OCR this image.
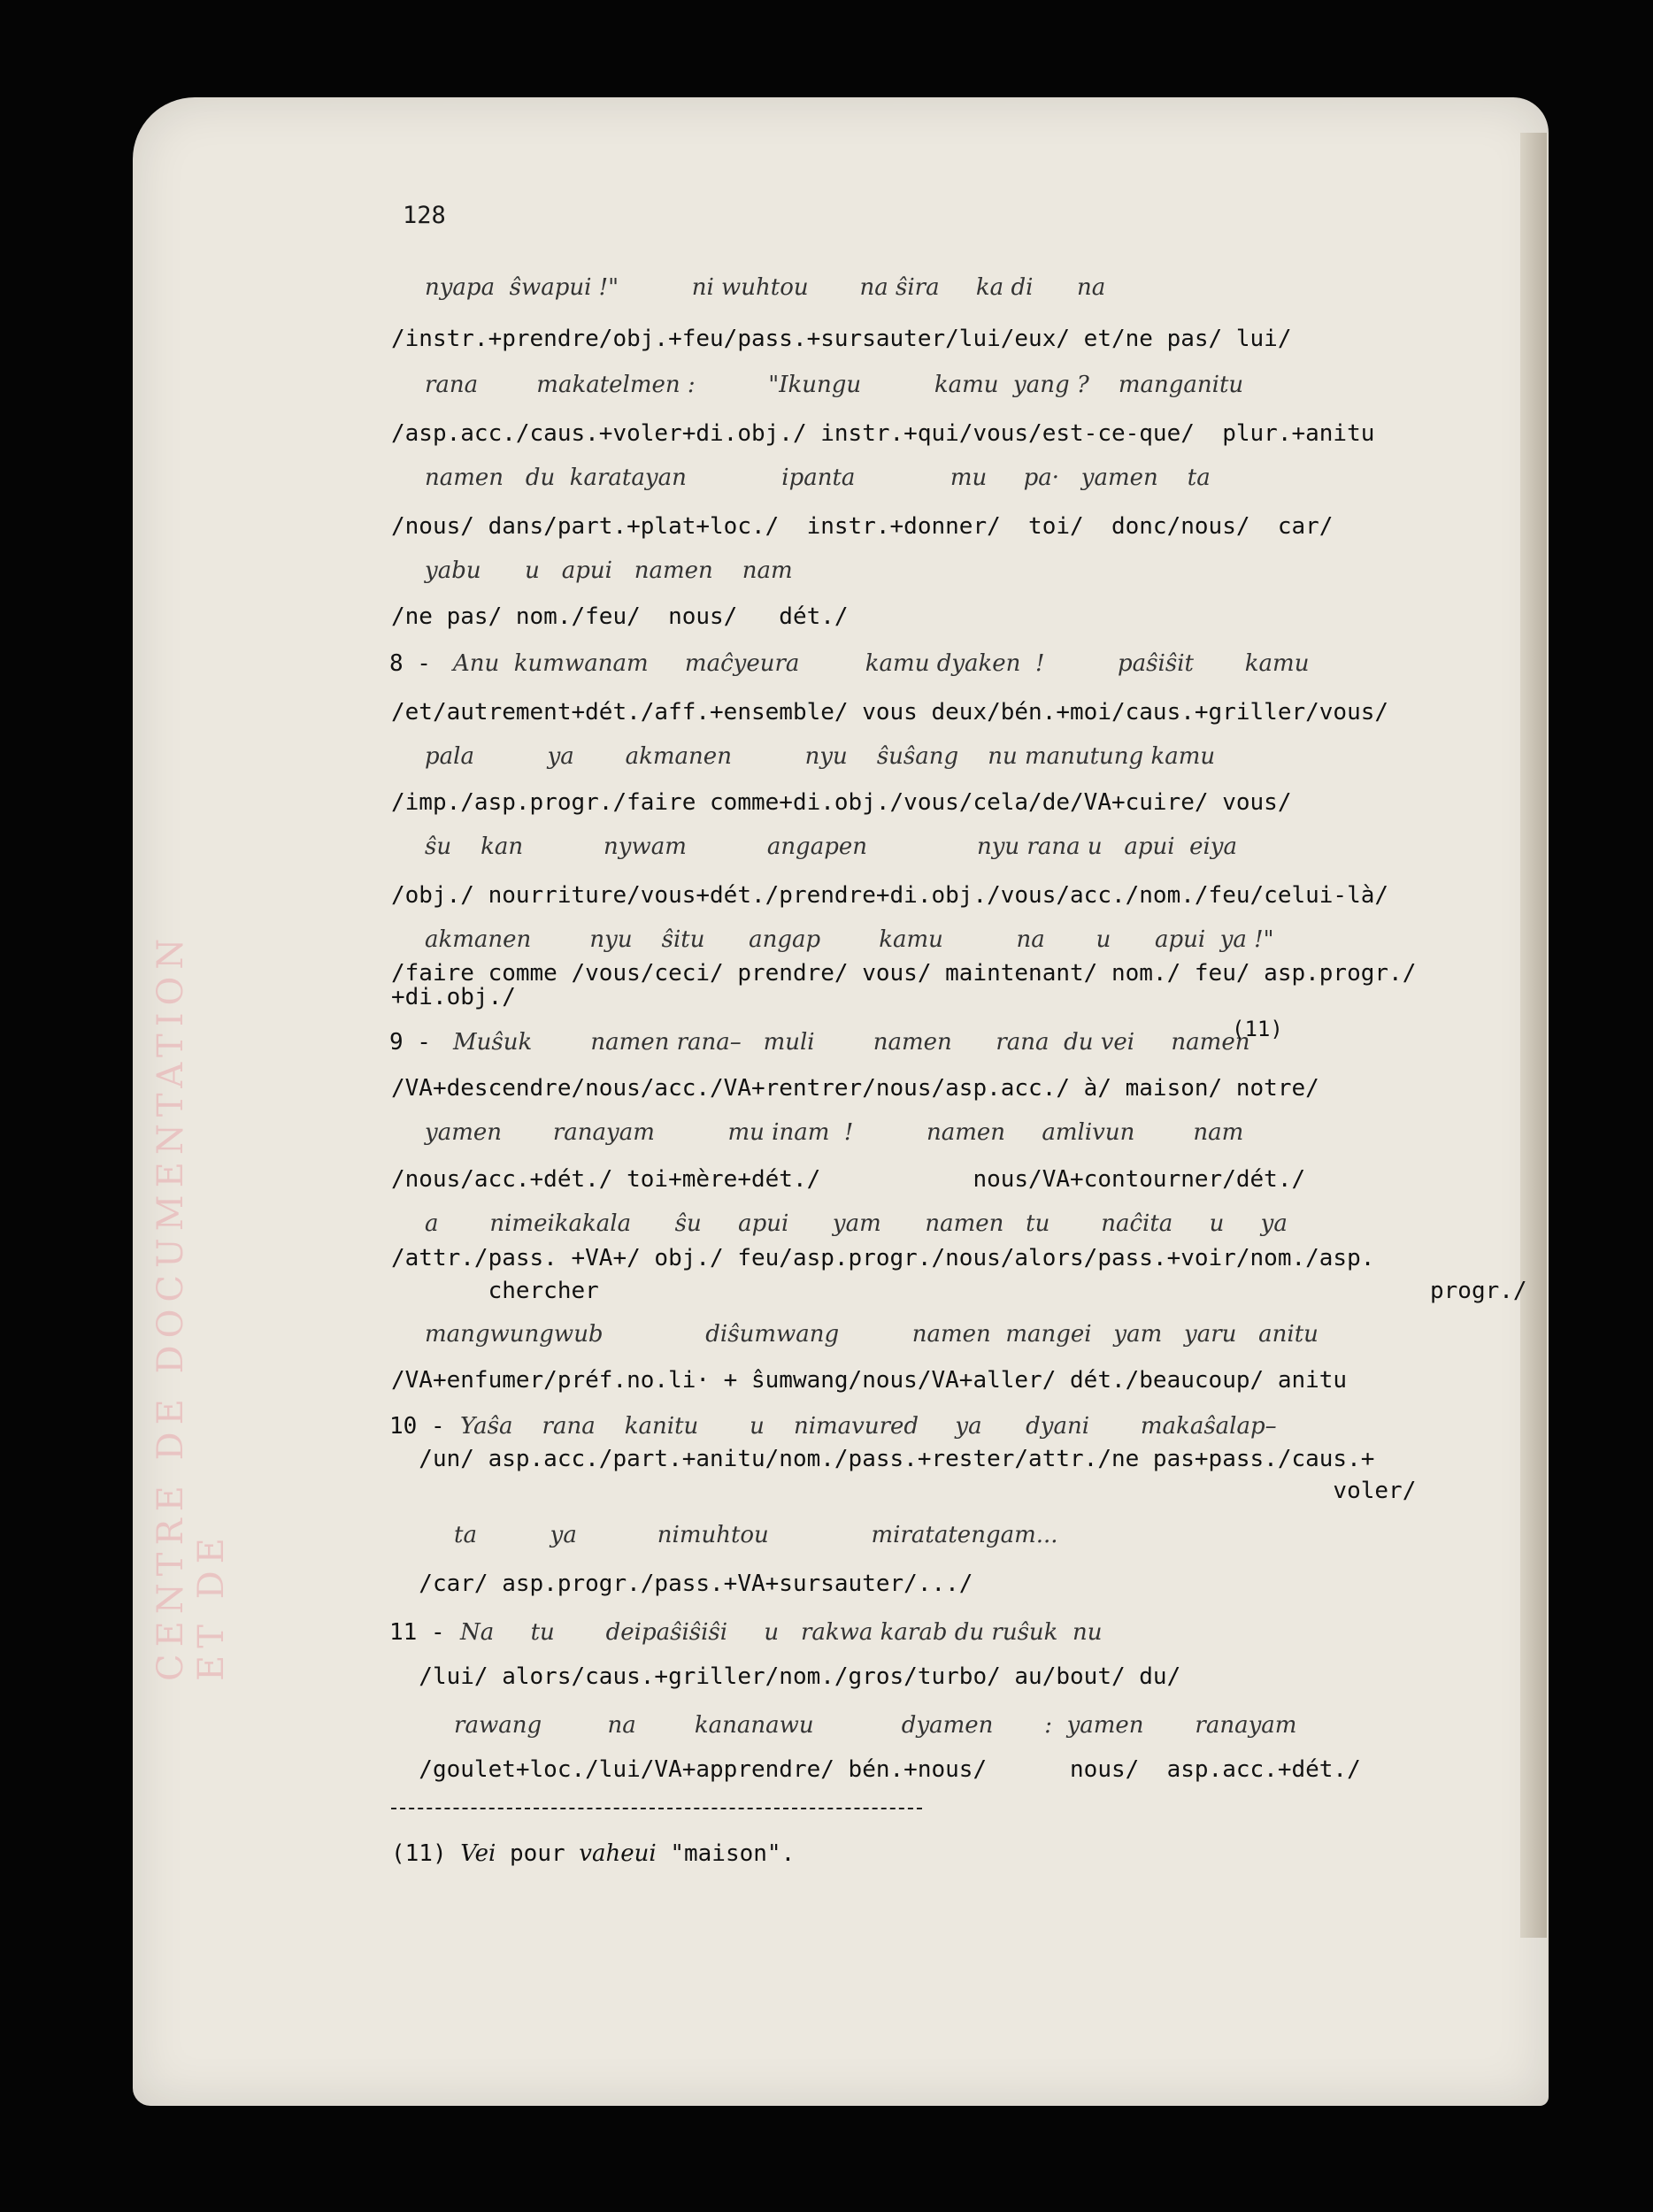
CENTRE DE DOCUMENTATION ET DE
128
nyapa  ŝwapui !"          ni wuhtou       na ŝira     ka di      na
/instr.+prendre/obj.+feu/pass.+sursauter/lui/eux/ et/ne pas/ lui/
rana        makatelmen :          "Ikungu          kamu  yang ?    manganitu
/asp.acc./caus.+voler+di.obj./ instr.+qui/vous/est-ce-que/  plur.+anitu
namen   du  karatayan             ipanta             mu     pa·   yamen    ta
/nous/ dans/part.+plat+loc./  instr.+donner/  toi/  donc/nous/  car/
yabu      u   apui   namen    nam
/ne pas/ nom./feu/  nous/   dét./
8 - Anu  kumwanam     maĉyeura         kamu dyaken  !          paŝiŝit       kamu
/et/autrement+dét./aff.+ensemble/ vous deux/bén.+moi/caus.+griller/vous/
pala          ya       akmanen          nyu    ŝuŝang    nu manutung kamu
/imp./asp.progr./faire comme+di.obj./vous/cela/de/VA+cuire/ vous/
ŝu    kan           nywam           angapen               nyu rana u   apui  eiya
/obj./ nourriture/vous+dét./prendre+di.obj./vous/acc./nom./feu/celui-là/
akmanen        nyu    ŝitu      angap        kamu          na       u      apui  ya !"
/faire comme /vous/ceci/ prendre/ vous/ maintenant/ nom./ feu/ asp.progr./
+di.obj./
9 - Muŝuk        namen rana–   muli        namen      rana  du vei     namen
(11)
/VA+descendre/nous/acc./VA+rentrer/nous/asp.acc./ à/ maison/ notre/
yamen       ranayam          mu inam  !          namen     amlivun        nam
/nous/acc.+dét./ toi+mère+dét./           nous/VA+contourner/dét./
a       nimeikakala      ŝu     apui      yam      namen   tu       naĉita     u     ya
/attr./pass. +VA+/ obj./ feu/asp.progr./nous/alors/pass.+voir/nom./asp.
chercher                                                            progr./
mangwungwub              diŝumwang          namen  mangei   yam   yaru   anitu
/VA+enfumer/préf.no.li· + ŝumwang/nous/VA+aller/ dét./beaucoup/ anitu
10 - Yaŝa    rana    kanitu       u    nimavured     ya      dyani       makaŝalap–
/un/ asp.acc./part.+anitu/nom./pass.+rester/attr./ne pas+pass./caus.+
voler/
ta          ya           nimuhtou              miratatengam...
/car/ asp.progr./pass.+VA+sursauter/.../
11 - Na     tu       deipaŝiŝiŝi     u   rakwa karab du ruŝuk  nu
/lui/ alors/caus.+griller/nom./gros/turbo/ au/bout/ du/
rawang         na        kananawu            dyamen       :  yamen       ranayam
/goulet+loc./lui/VA+apprendre/ bén.+nous/      nous/  asp.acc.+dét./
(11) Vei pour vaheui "maison".
